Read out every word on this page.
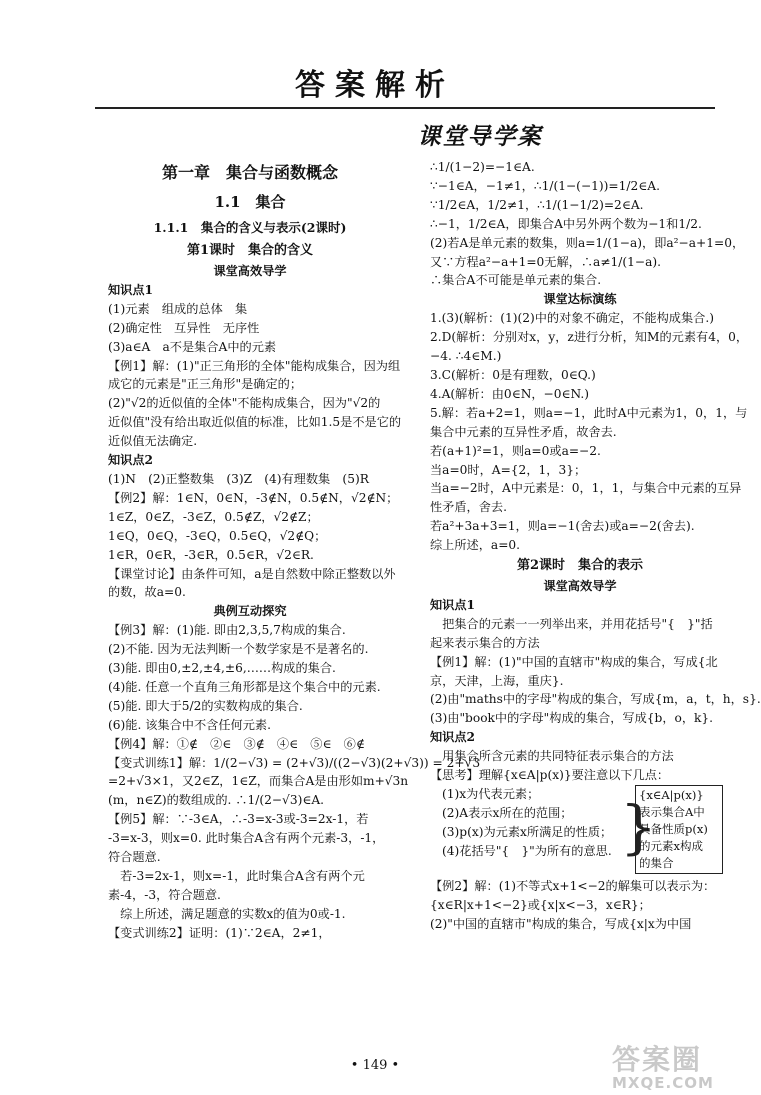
答案解析
课堂导学案
第一章　集合与函数概念
1.1　集合
1.1.1　集合的含义与表示(2课时)
第1课时　集合的含义
课堂高效导学
知识点1
(1)元素　组成的总体　集
(2)确定性　互异性　无序性
(3)a∈A　a不是集合A中的元素
【例1】解：(1)"正三角形的全体"能构成集合，因为组
成它的元素是"正三角形"是确定的；
(2)"√2的近似值的全体"不能构成集合，因为"√2的
近似值"没有给出取近似值的标准，比如1.5是不是它的
近似值无法确定.
知识点2
(1)N　(2)正整数集　(3)Z　(4)有理数集　(5)R
【例2】解：1∈N，0∈N，-3∉N，0.5∉N，√2∉N；
1∈Z，0∈Z，-3∈Z，0.5∉Z，√2∉Z；
1∈Q，0∈Q，-3∈Q，0.5∈Q，√2∉Q；
1∈R，0∈R，-3∈R，0.5∈R，√2∈R.
【课堂讨论】由条件可知，a是自然数中除正整数以外
的数，故a=0.
典例互动探究
【例3】解：(1)能. 即由2,3,5,7构成的集合.
(2)不能. 因为无法判断一个数学家是不是著名的.
(3)能. 即由0,±2,±4,±6,……构成的集合.
(4)能. 任意一个直角三角形都是这个集合中的元素.
(5)能. 即大于5/2的实数构成的集合.
(6)能. 该集合中不含任何元素.
【例4】解：①∉　②∈　③∉　④∈　⑤∈　⑥∉
【变式训练1】解：1/(2−√3) = (2+√3)/((2−√3)(2+√3)) = 2+√3
=2+√3×1，又2∈Z，1∈Z，而集合A是由形如m+√3n
(m，n∈Z)的数组成的. ∴1/(2−√3)∈A.
【例5】解：∵-3∈A，∴-3=x-3或-3=2x-1，若
-3=x-3，则x=0. 此时集合A含有两个元素-3，-1，
符合题意.
　若-3=2x-1，则x=-1，此时集合A含有两个元
素-4，-3，符合题意.
　综上所述，满足题意的实数x的值为0或-1.
【变式训练2】证明：(1)∵2∈A，2≠1，
∴1/(1−2)=−1∈A.
∵−1∈A，−1≠1，∴1/(1−(−1))=1/2∈A.
∵1/2∈A，1/2≠1，∴1/(1−1/2)=2∈A.
∴−1，1/2∈A，即集合A中另外两个数为−1和1/2.
(2)若A是单元素的数集，则a=1/(1−a)，即a²−a+1=0，
又∵方程a²−a+1=0无解，∴a≠1/(1−a).
∴集合A不可能是单元素的集合.
课堂达标演练
1.(3)(解析：(1)(2)中的对象不确定，不能构成集合.)
2.D(解析：分别对x，y，z进行分析，知M的元素有4，0，
−4. ∴4∈M.)
3.C(解析：0是有理数，0∈Q.)
4.A(解析：由0∈N，−0∈N.)
5.解：若a+2=1，则a=−1，此时A中元素为1，0，1，与
集合中元素的互异性矛盾，故舍去.
若(a+1)²=1，则a=0或a=−2.
当a=0时，A={2，1，3}；
当a=−2时，A中元素是：0，1，1，与集合中元素的互异
性矛盾，舍去.
若a²+3a+3=1，则a=−1(舍去)或a=−2(舍去).
综上所述，a=0.
第2课时　集合的表示
课堂高效导学
知识点1
　把集合的元素一一列举出来，并用花括号"{　}"括
起来表示集合的方法
【例1】解：(1)"中国的直辖市"构成的集合，写成{北
京，天津，上海，重庆}.
(2)由"maths中的字母"构成的集合，写成{m，a，t，h，s}.
(3)由"book中的字母"构成的集合，写成{b，o，k}.
知识点2
　用集合所含元素的共同特征表示集合的方法
【思考】理解{x∈A|p(x)}要注意以下几点：
(1)x为代表元素；
(2)A表示x所在的范围；
(3)p(x)为元素x所满足的性质；
(4)花括号"{　}"为所有的意思. }
{x∈A|p(x)}
表示集合A中
具备性质p(x)
的元素x构成
的集合
【例2】解：(1)不等式x+1<−2的解集可以表示为：
{x∈R|x+1<−2}或{x|x<−3，x∈R}；
(2)"中国的直辖市"构成的集合，写成{x|x为中国
• 149 •	答案圈
MXQE.COM
